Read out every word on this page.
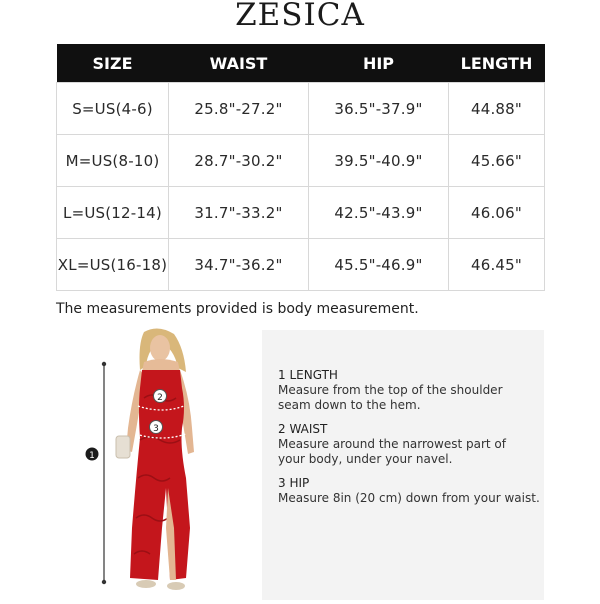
ZESICA
SIZE	WAIST	HIP	LENGTH
S=US(4-6)	25.8"-27.2"	36.5"-37.9"	44.88"
M=US(8-10)	28.7"-30.2"	39.5"-40.9"	45.66"
L=US(12-14)	31.7"-33.2"	42.5"-43.9"	46.06"
XL=US(16-18)	34.7"-36.2"	45.5"-46.9"	46.45"
The measurements provided is body measurement.
1
2
3
1 LENGTH

Measure from the top of the shoulder

seam down to the hem.

2 WAIST

Measure around the narrowest part of

your body, under your navel.

3 HIP

Measure 8in (20 cm) down from your waist.
